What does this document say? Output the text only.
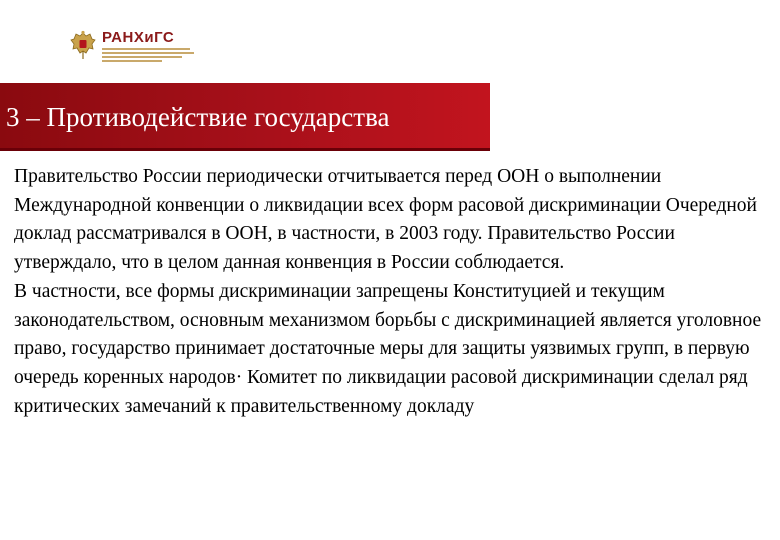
РАНХиГС
3 – Противодействие государства

Правительство России периодически отчитывается перед ООН о выполнении Международной конвенции о ликвидации всех форм расовой дискриминации Очередной доклад рассматривался в ООН, в частности, в 2003 году. Правительство России утверждало, что в целом данная конвенция в России соблюдается.

В частности, все формы дискриминации запрещены Конституцией и текущим законодательством, основным механизмом борьбы с дискриминацией является уголовное право, государство принимает достаточные меры для защиты уязвимых групп, в первую очередь коренных народов· Комитет по ликвидации расовой дискриминации сделал ряд критических замечаний к правительственному докладу
